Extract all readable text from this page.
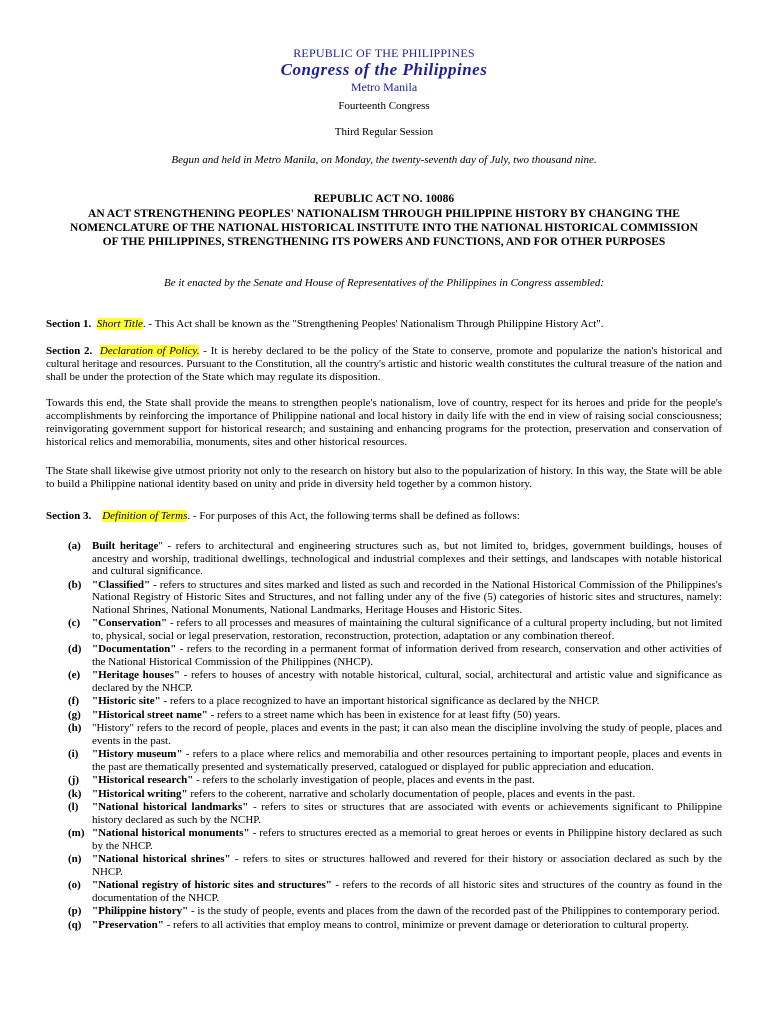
REPUBLIC OF THE PHILIPPINES
Congress of the Philippines
Metro Manila
Fourteenth Congress
Third Regular Session
Begun and held in Metro Manila, on Monday, the twenty-seventh day of July, two thousand nine.
REPUBLIC ACT NO. 10086
AN ACT STRENGTHENING PEOPLES' NATIONALISM THROUGH PHILIPPINE HISTORY BY CHANGING THE NOMENCLATURE OF THE NATIONAL HISTORICAL INSTITUTE INTO THE NATIONAL HISTORICAL COMMISSION OF THE PHILIPPINES, STRENGTHENING ITS POWERS AND FUNCTIONS, AND FOR OTHER PURPOSES
Be it enacted by the Senate and House of Representatives of the Philippines in Congress assembled:
Section 1. Short Title. - This Act shall be known as the "Strengthening Peoples' Nationalism Through Philippine History Act".
Section 2. Declaration of Policy. - It is hereby declared to be the policy of the State to conserve, promote and popularize the nation's historical and cultural heritage and resources. Pursuant to the Constitution, all the country's artistic and historic wealth constitutes the cultural treasure of the nation and shall be under the protection of the State which may regulate its disposition.
Towards this end, the State shall provide the means to strengthen people's nationalism, love of country, respect for its heroes and pride for the people's accomplishments by reinforcing the importance of Philippine national and local history in daily life with the end in view of raising social consciousness; reinvigorating government support for historical research; and sustaining and enhancing programs for the protection, preservation and conservation of historical relics and memorabilia, monuments, sites and other historical resources.
The State shall likewise give utmost priority not only to the research on history but also to the popularization of history. In this way, the State will be able to build a Philippine national identity based on unity and pride in diversity held together by a common history.
Section 3. Definition of Terms. - For purposes of this Act, the following terms shall be defined as follows:
(a)	Built heritage" - refers to architectural and engineering structures such as, but not limited to, bridges, government buildings, houses of ancestry and worship, traditional dwellings, technological and industrial complexes and their settings, and landscapes with notable historical and cultural significance.
(b) "Classified" - refers to structures and sites marked and listed as such and recorded in the National Historical Commission of the Philippines's National Registry of Historic Sites and Structures, and not falling under any of the five (5) categories of historic sites and structures, namely: National Shrines, National Monuments, National Landmarks, Heritage Houses and Historic Sites.
(c)	"Conservation" - refers to all processes and measures of maintaining the cultural significance of a cultural property including, but not limited to, physical, social or legal preservation, restoration, reconstruction, protection, adaptation or any combination thereof.
(d) "Documentation" - refers to the recording in a permanent format of information derived from research, conservation and other activities of the National Historical Commission of the Philippines (NHCP).
(e)	"Heritage houses" - refers to houses of ancestry with notable historical, cultural, social, architectural and artistic value and significance as declared by the NHCP.
(f)	"Historic site" - refers to a place recognized to have an important historical significance as declared by the NHCP.
(g)	"Historical street name" - refers to a street name which has been in existence for at least fifty (50) years.
(h) "History" refers to the record of people, places and events in the past; it can also mean the discipline involving the study of people, places and events in the past.
(i)	"History museum" - refers to a place where relics and memorabilia and other resources pertaining to important people, places and events in the past are thematically presented and systematically preserved, catalogued or displayed for public appreciation and education.
(j)	"Historical research" - refers to the scholarly investigation of people, places and events in the past.
(k) "Historical writing" refers to the coherent, narrative and scholarly documentation of people, places and events in the past.
(l)	"National historical landmarks" - refers to sites or structures that are associated with events or achievements significant to Philippine history declared as such by the NCHP.
(m) "National historical monuments" - refers to structures erected as a memorial to great heroes or events in Philippine history declared as such by the NHCP.
(n) "National historical shrines" - refers to sites or structures hallowed and revered for their history or association declared as such by the NHCP.
(o)	"National registry of historic sites and structures" - refers to the records of all historic sites and structures of the country as found in the documentation of the NHCP.
(p) "Philippine history" - is the study of people, events and places from the dawn of the recorded past of the Philippines to contemporary period.
(q) "Preservation" - refers to all activities that employ means to control, minimize or prevent damage or deterioration to cultural property.
